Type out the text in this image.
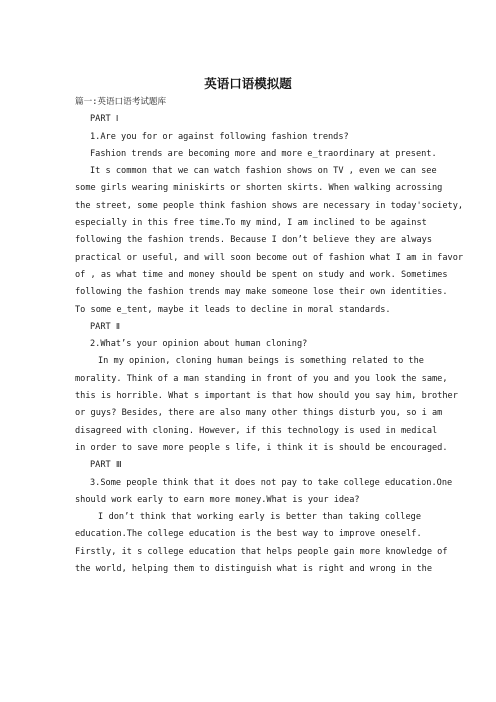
英语口语模拟题
篇一:英语口语考试题库
PART Ⅰ
1.Are you for or against following fashion trends?
Fashion trends are becoming more and more e_traordinary at present.
It s common that we can watch fashion shows on TV , even we can see
some girls wearing miniskirts or shorten skirts. When walking acrossing
the street, some people think fashion shows are necessary in today'society,
especially in this free time.To my mind, I am inclined to be against
following the fashion trends. Because I don’t believe they are always
practical or useful, and will soon become out of fashion what I am in favor
of , as what time and money should be spent on study and work. Sometimes
following the fashion trends may make someone lose their own identities.
To some e_tent, maybe it leads to decline in moral standards.
PART Ⅱ
2.What’s your opinion about human cloning?
In my opinion, cloning human beings is something related to the
morality. Think of a man standing in front of you and you look the same,
this is horrible. What s important is that how should you say him, brother
or guys? Besides, there are also many other things disturb you, so i am
disagreed with cloning. However, if this technology is used in medical
in order to save more people s life, i think it is should be encouraged.
PART Ⅲ
3.Some people think that it does not pay to take college education.One
should work early to earn more money.What is your idea?
I don’t think that working early is better than taking college
education.The college education is the best way to improve oneself.
Firstly, it s college education that helps people gain more knowledge of
the world, helping them to distinguish what is right and wrong in the
